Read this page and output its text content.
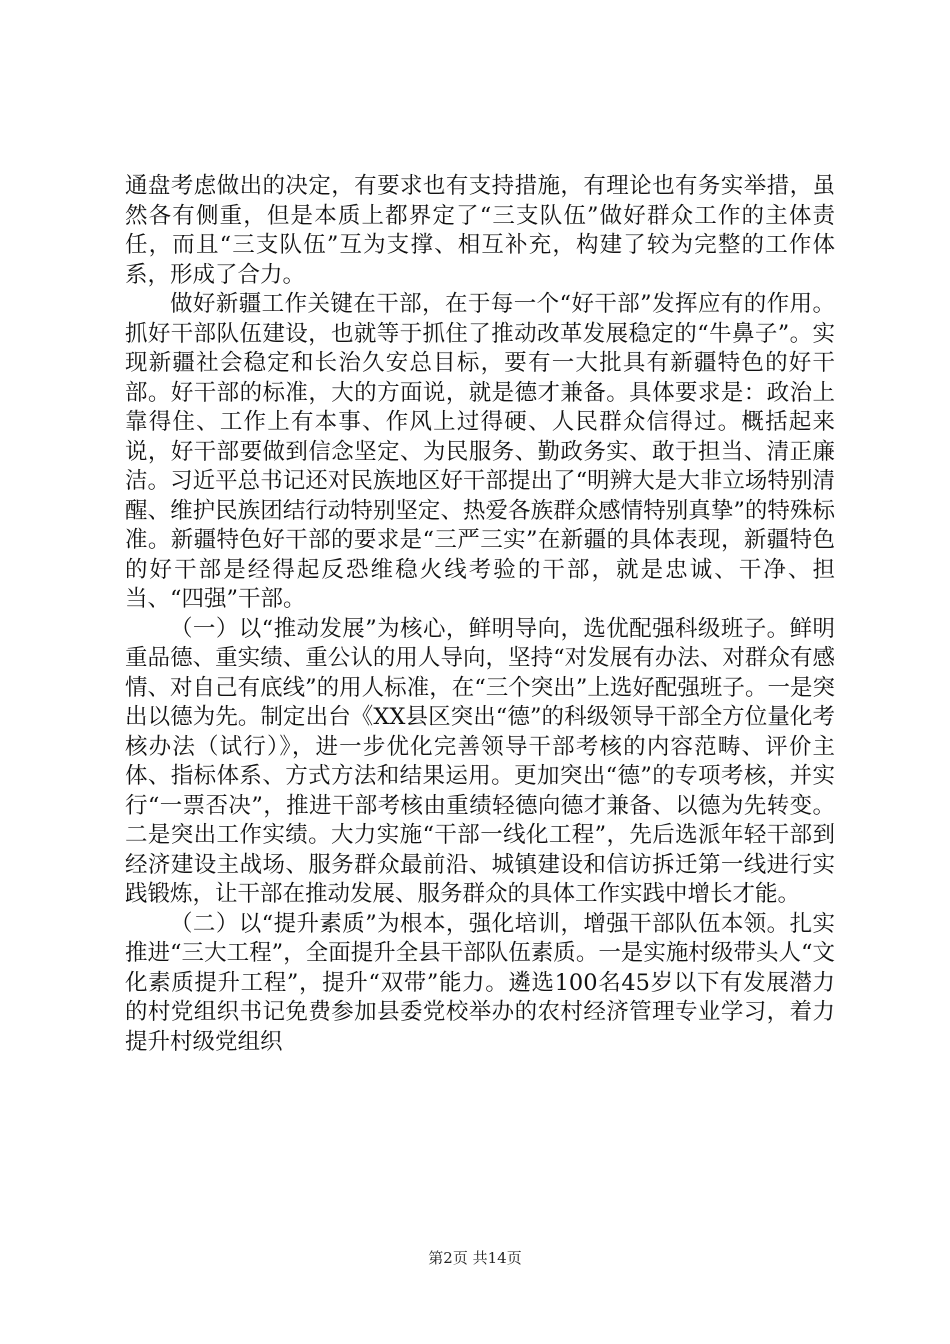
通盘考虑做出的决定，有要求也有支持措施，有理论也有务实举措，虽然各有侧重，但是本质上都界定了“三支队伍”做好群众工作的主体责任，而且“三支队伍”互为支撑、相互补充，构建了较为完整的工作体系，形成了合力。

做好新疆工作关键在干部，在于每一个“好干部”发挥应有的作用。抓好干部队伍建设，也就等于抓住了推动改革发展稳定的“牛鼻子”。实现新疆社会稳定和长治久安总目标，要有一大批具有新疆特色的好干部。好干部的标准，大的方面说，就是德才兼备。具体要求是：政治上靠得住、工作上有本事、作风上过得硬、人民群众信得过。概括起来说，好干部要做到信念坚定、为民服务、勤政务实、敢于担当、清正廉洁。习近平总书记还对民族地区好干部提出了“明辨大是大非立场特别清醒、维护民族团结行动特别坚定、热爱各族群众感情特别真挚”的特殊标准。新疆特色好干部的要求是“三严三实”在新疆的具体表现，新疆特色的好干部是经得起反恐维稳火线考验的干部，就是忠诚、干净、担当、“四强”干部。

（一）以“推动发展”为核心，鲜明导向，选优配强科级班子。鲜明重品德、重实绩、重公认的用人导向，坚持“对发展有办法、对群众有感情、对自己有底线”的用人标准，在“三个突出”上选好配强班子。一是突出以德为先。制定出台《XX县区突出“德”的科级领导干部全方位量化考核办法（试行）》，进一步优化完善领导干部考核的内容范畴、评价主体、指标体系、方式方法和结果运用。更加突出“德”的专项考核，并实行“一票否决”，推进干部考核由重绩轻德向德才兼备、以德为先转变。二是突出工作实绩。大力实施“干部一线化工程”，先后选派年轻干部到经济建设主战场、服务群众最前沿、城镇建设和信访拆迁第一线进行实践锻炼，让干部在推动发展、服务群众的具体工作实践中增长才能。

（二）以“提升素质”为根本，强化培训，增强干部队伍本领。扎实推进“三大工程”，全面提升全县干部队伍素质。一是实施村级带头人“文化素质提升工程”，提升“双带”能力。遴选100名45岁以下有发展潜力的村党组织书记免费参加县委党校举办的农村经济管理专业学习，着力提升村级党组织

第2页 共14页
